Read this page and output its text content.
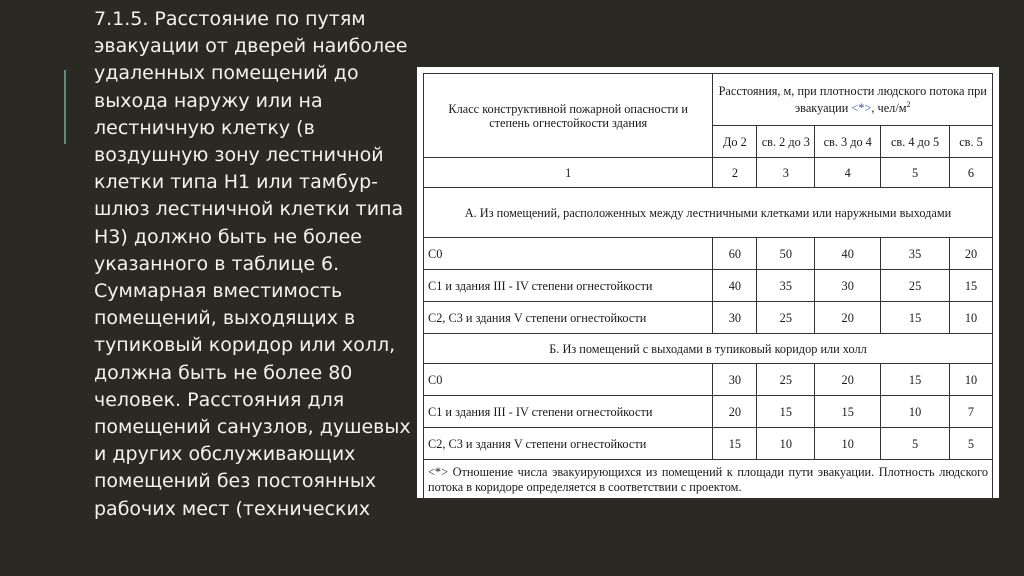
7.1.5. Расстояние по путям эвакуации от дверей наиболее удаленных помещений до выхода наружу или на лестничную клетку (в воздушную зону лестничной клетки типа Н1 или тамбур- шлюз лестничной клетки типа Н3) должно быть не более указанного в таблице 6. Суммарная вместимость помещений, выходящих в тупиковый коридор или холл, должна быть не более 80 человек. Расстояния для помещений санузлов, душевых и других обслуживающих помещений без постоянных рабочих мест (технических
Класс конструктивной пожарной опасности и степень огнестойкости здания	Расстояния, м, при плотности людского потока при эвакуации <*>, чел/$м^2$
	До 2	св. 2 до 3	св. 3 до 4	св. 4 до 5	св. 5
1	2	3	4	5	6
А. Из помещений, расположенных между лестничными клетками или наружными выходами					
С0	60	50	40	35	20
С1 и здания III - IV степени огнестойкости	40	35	30	25	15
С2, С3 и здания V степени огнестойкости	30	25	20	15	10
Б. Из помещений с выходами в тупиковый коридор или холл					
С0	30	25	20	15	10
С1 и здания III - IV степени огнестойкости	20	15	15	10	7
С2, С3 и здания V степени огнестойкости	15	10	10	5	5
<*> Отношение числа эвакуирующихся из помещений к площади пути эвакуации. Плотность людского потока в коридоре определяется в соответствии с проектом.					
